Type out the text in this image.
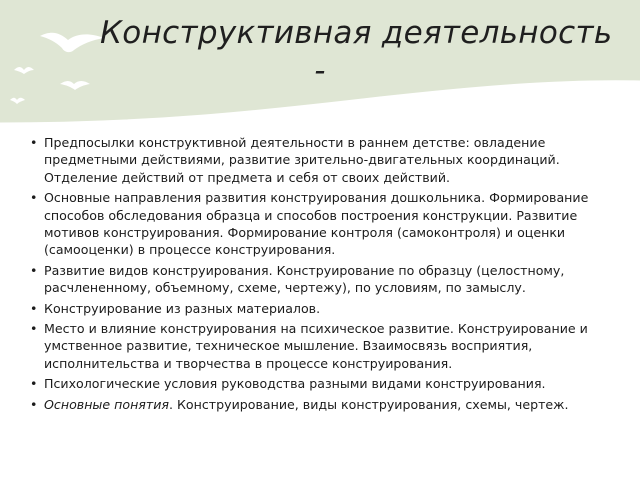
Конструктивная деятельность
-
• Предпосылки конструктивной деятельности в раннем детстве: овладение предметными действиями, развитие зрительно-двигательных координаций. Отделение действий от предмета и себя от своих действий.
• Основные направления развития конструирования дошкольника. Формирование способов обследования образца и способов построения конструкции. Развитие мотивов конструирования. Формирование контроля (самоконтроля) и оценки (самооценки) в процессе конструирования.
• Развитие видов конструирования. Конструирование по образцу (целостному, расчлененному, объемному, схеме, чертежу), по условиям, по замыслу.
• Конструирование из разных материалов.
• Место и влияние конструирования на психическое развитие. Конструирование и умственное развитие, техническое мышление. Взаимосвязь восприятия, исполнительства и творчества в процессе конструирования.
• Психологические условия руководства разными видами конструирования.
• Основные понятия. Конструирование, виды конструирования, схемы, чертеж.
